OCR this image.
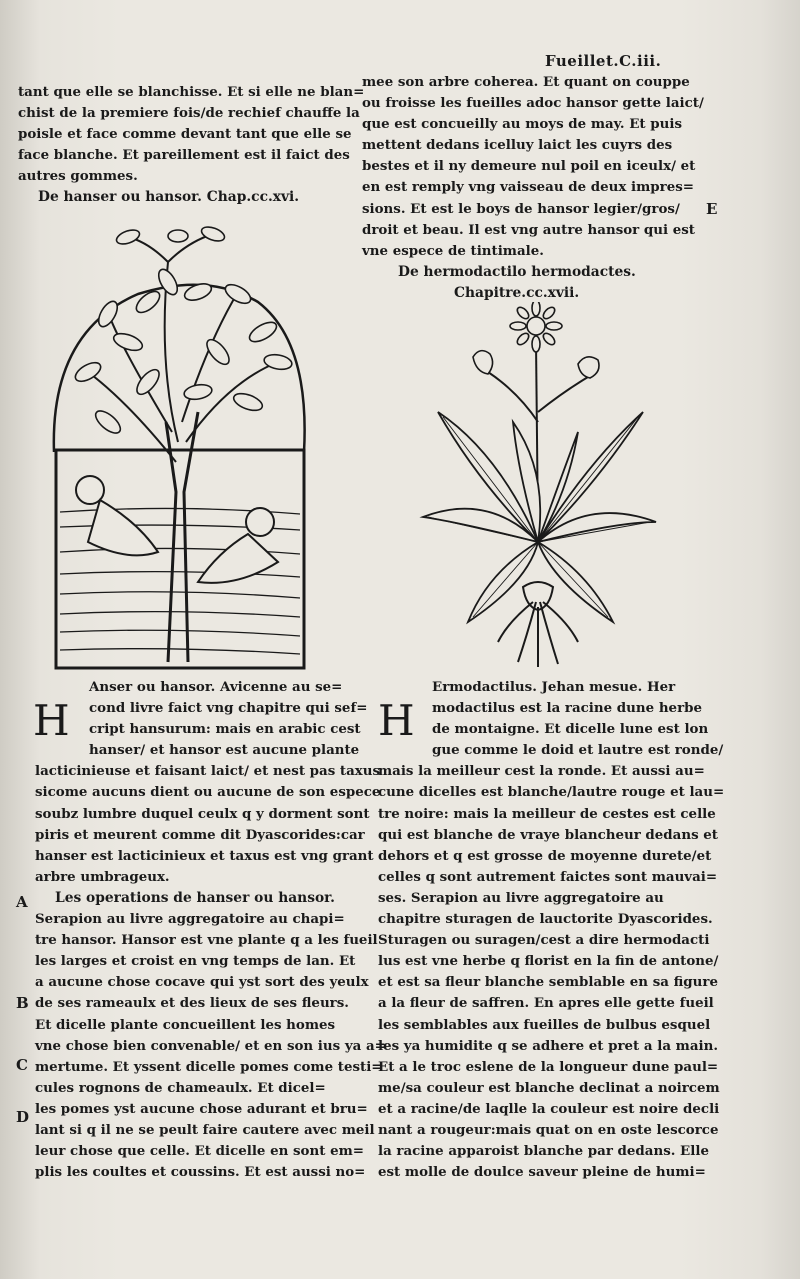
Fueillet.C.iii.

tant que elle se blanchisse. Et si elle ne blan=

chist de la premiere fois/de rechief chauffe la

poisle et face comme devant tant que elle se

face blanche. Et pareillement est il faict des

autres gommes.

De hanser ou hansor. Chap.cc.xvi.

mee son arbre coherea. Et quant on couppe

ou froisse les fueilles adoc hansor gette laict/

que est concueilly au moys de may. Et puis

mettent dedans icelluy laict les cuyrs des

bestes et il ny demeure nul poil en iceulx/ et

en est remply vng vaisseau de deux impres=

sions. Et est le boys de hansor legier/gros/

droit et beau. Il est vng autre hansor qui est

vne espece de tintimale.

De hermodactilo hermodactes.

Chapitre.cc.xvii.

E
H

Anser ou hansor. Avicenne au se=

cond livre faict vng chapitre qui sef=

cript hansurum: mais en arabic cest

hanser/ et hansor est aucune plante

lacticinieuse et faisant laict/ et nest pas taxus

sicome aucuns dient ou aucune de son espece

soubz lumbre duquel ceulx q y dorment sont

piris et meurent comme dit Dyascorides:car

hanser est lacticinieux et taxus est vng grant

arbre umbrageux.

Les operations de hanser ou hansor.

Serapion au livre aggregatoire au chapi=

tre hansor. Hansor est vne plante q a les fueil

les larges et croist en vng temps de lan. Et

a aucune chose cocave qui yst sort des yeulx

de ses rameaulx et des lieux de ses fleurs.

Et dicelle plante concueillent les homes

vne chose bien convenable/ et en son ius ya a=

mertume. Et yssent dicelle pomes come testi=

cules rognons de chameaulx. Et dicel=

les pomes yst aucune chose adurant et bru=

lant si q il ne se peult faire cautere avec meil

leur chose que celle. Et dicelle en sont em=

plis les coultes et coussins. Et est aussi no=

A
B
C
D
H

Ermodactilus. Jehan mesue. Her

modactilus est la racine dune herbe

de montaigne. Et dicelle lune est lon

gue comme le doid et lautre est ronde/

mais la meilleur cest la ronde. Et aussi au=

cune dicelles est blanche/lautre rouge et lau=

tre noire: mais la meilleur de cestes est celle

qui est blanche de vraye blancheur dedans et

dehors et q est grosse de moyenne durete/et

celles q sont autrement faictes sont mauvai=

ses. Serapion au livre aggregatoire au

chapitre sturagen de lauctorite Dyascorides.

Sturagen ou suragen/cest a dire hermodacti

lus est vne herbe q florist en la fin de antone/

et est sa fleur blanche semblable en sa figure

a la fleur de saffren. En apres elle gette fueil

les semblables aux fueilles de bulbus esquel

les ya humidite q se adhere et pret a la main.

Et a le troc eslene de la longueur dune paul=

me/sa couleur est blanche declinat a noircem

et a racine/de laqlle la couleur est noire decli

nant a rougeur:mais quat on en oste lescorce

la racine apparoist blanche par dedans. Elle

est molle de doulce saveur pleine de humi=
